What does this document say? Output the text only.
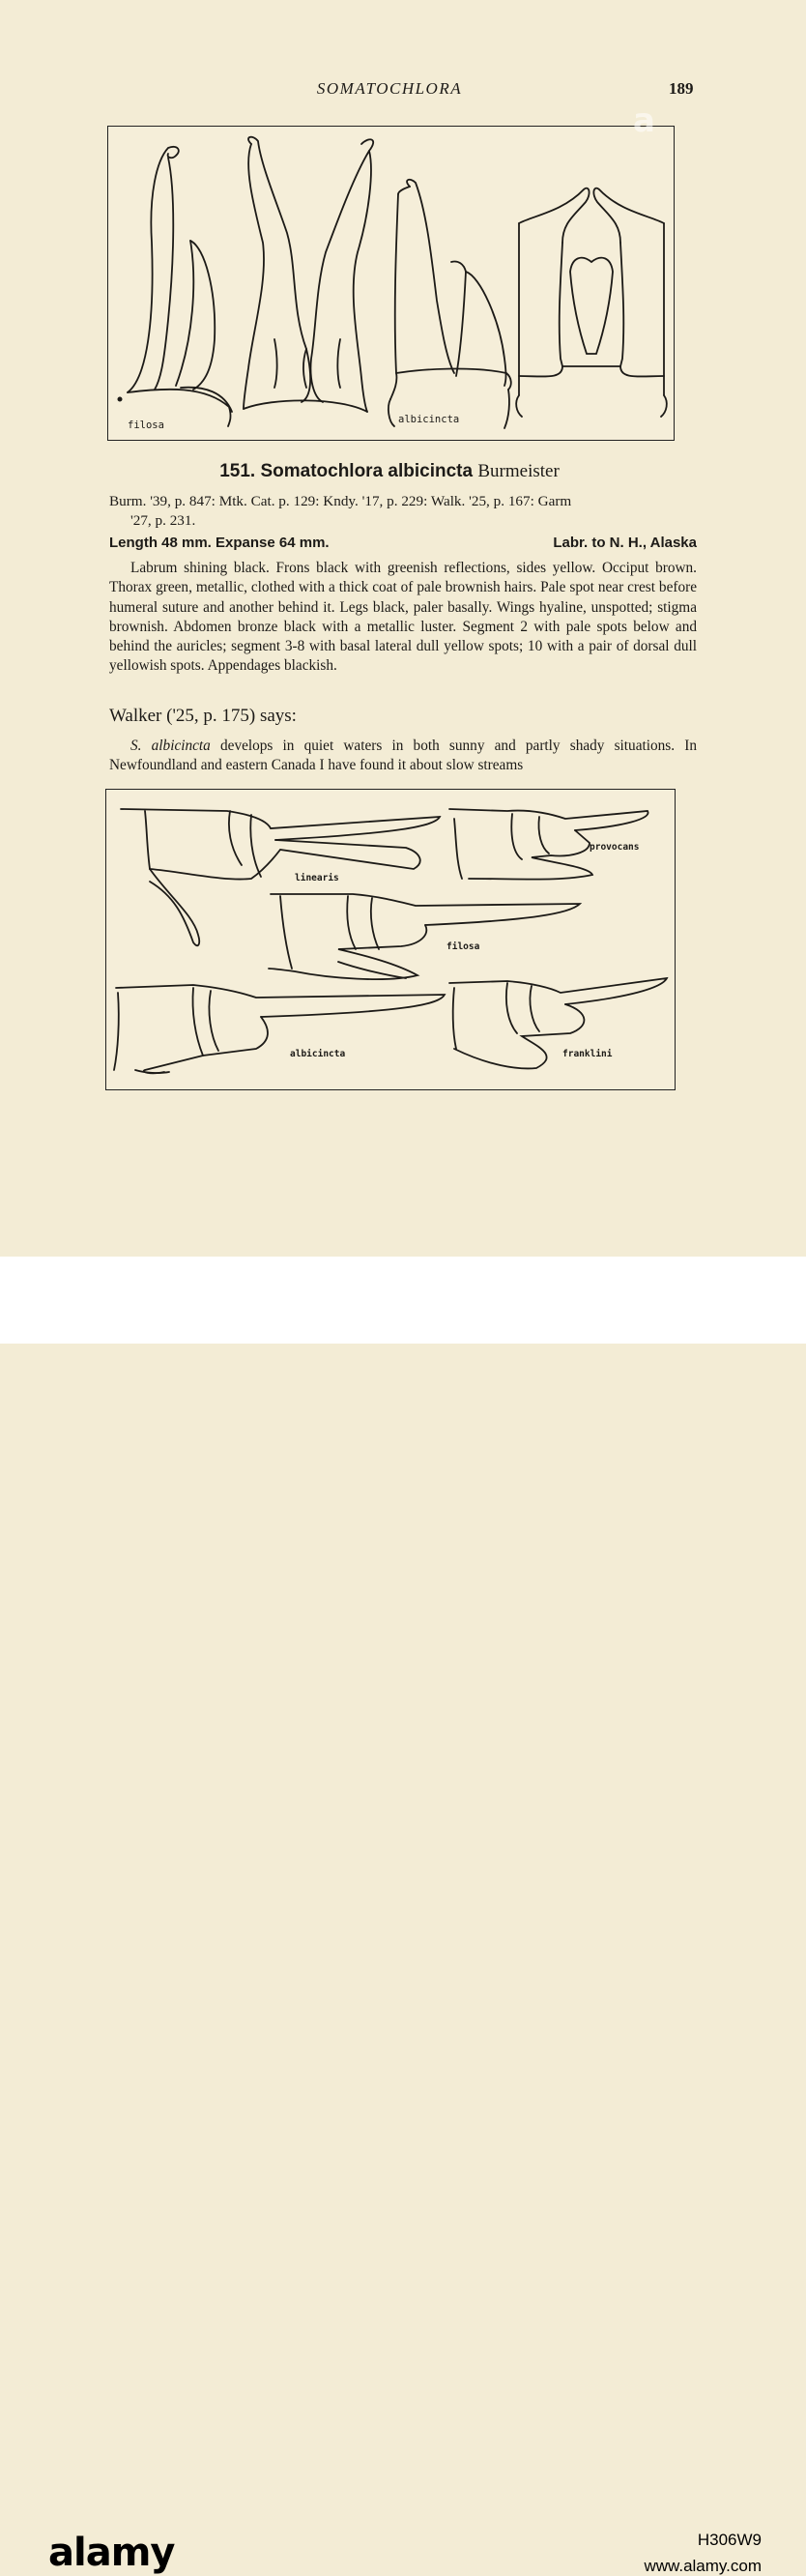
SOMATOCHLORA	189
filosa	albicincta
151. Somatochlora albicincta Burmeister
Burm. '39, p. 847: Mtk. Cat. p. 129: Kndy. '17, p. 229: Walk. '25, p. 167: Garm
'27, p. 231.
Length 48 mm. Expanse 64 mm.	Labr. to N. H., Alaska

Labrum shining black. Frons black with greenish reflections, sides yellow. Occiput brown. Thorax green, metallic, clothed with a thick coat of pale brownish hairs. Pale spot near crest before humeral suture and another behind it. Legs black, paler basally. Wings hyaline, unspotted; stigma brownish. Abdomen bronze black with a metallic luster. Segment 2 with pale spots below and behind the auricles; segment 3-8 with basal lateral dull yellow spots; 10 with a pair of dorsal dull yellowish spots. Appendages blackish.

Walker ('25, p. 175) says:

S. albicincta develops in quiet waters in both sunny and partly shady situations. In Newfoundland and eastern Canada I have found it about slow streams

linearis
provocans
filosa
albicincta	franklini
a
alamy	H306W9
www.alamy.com
